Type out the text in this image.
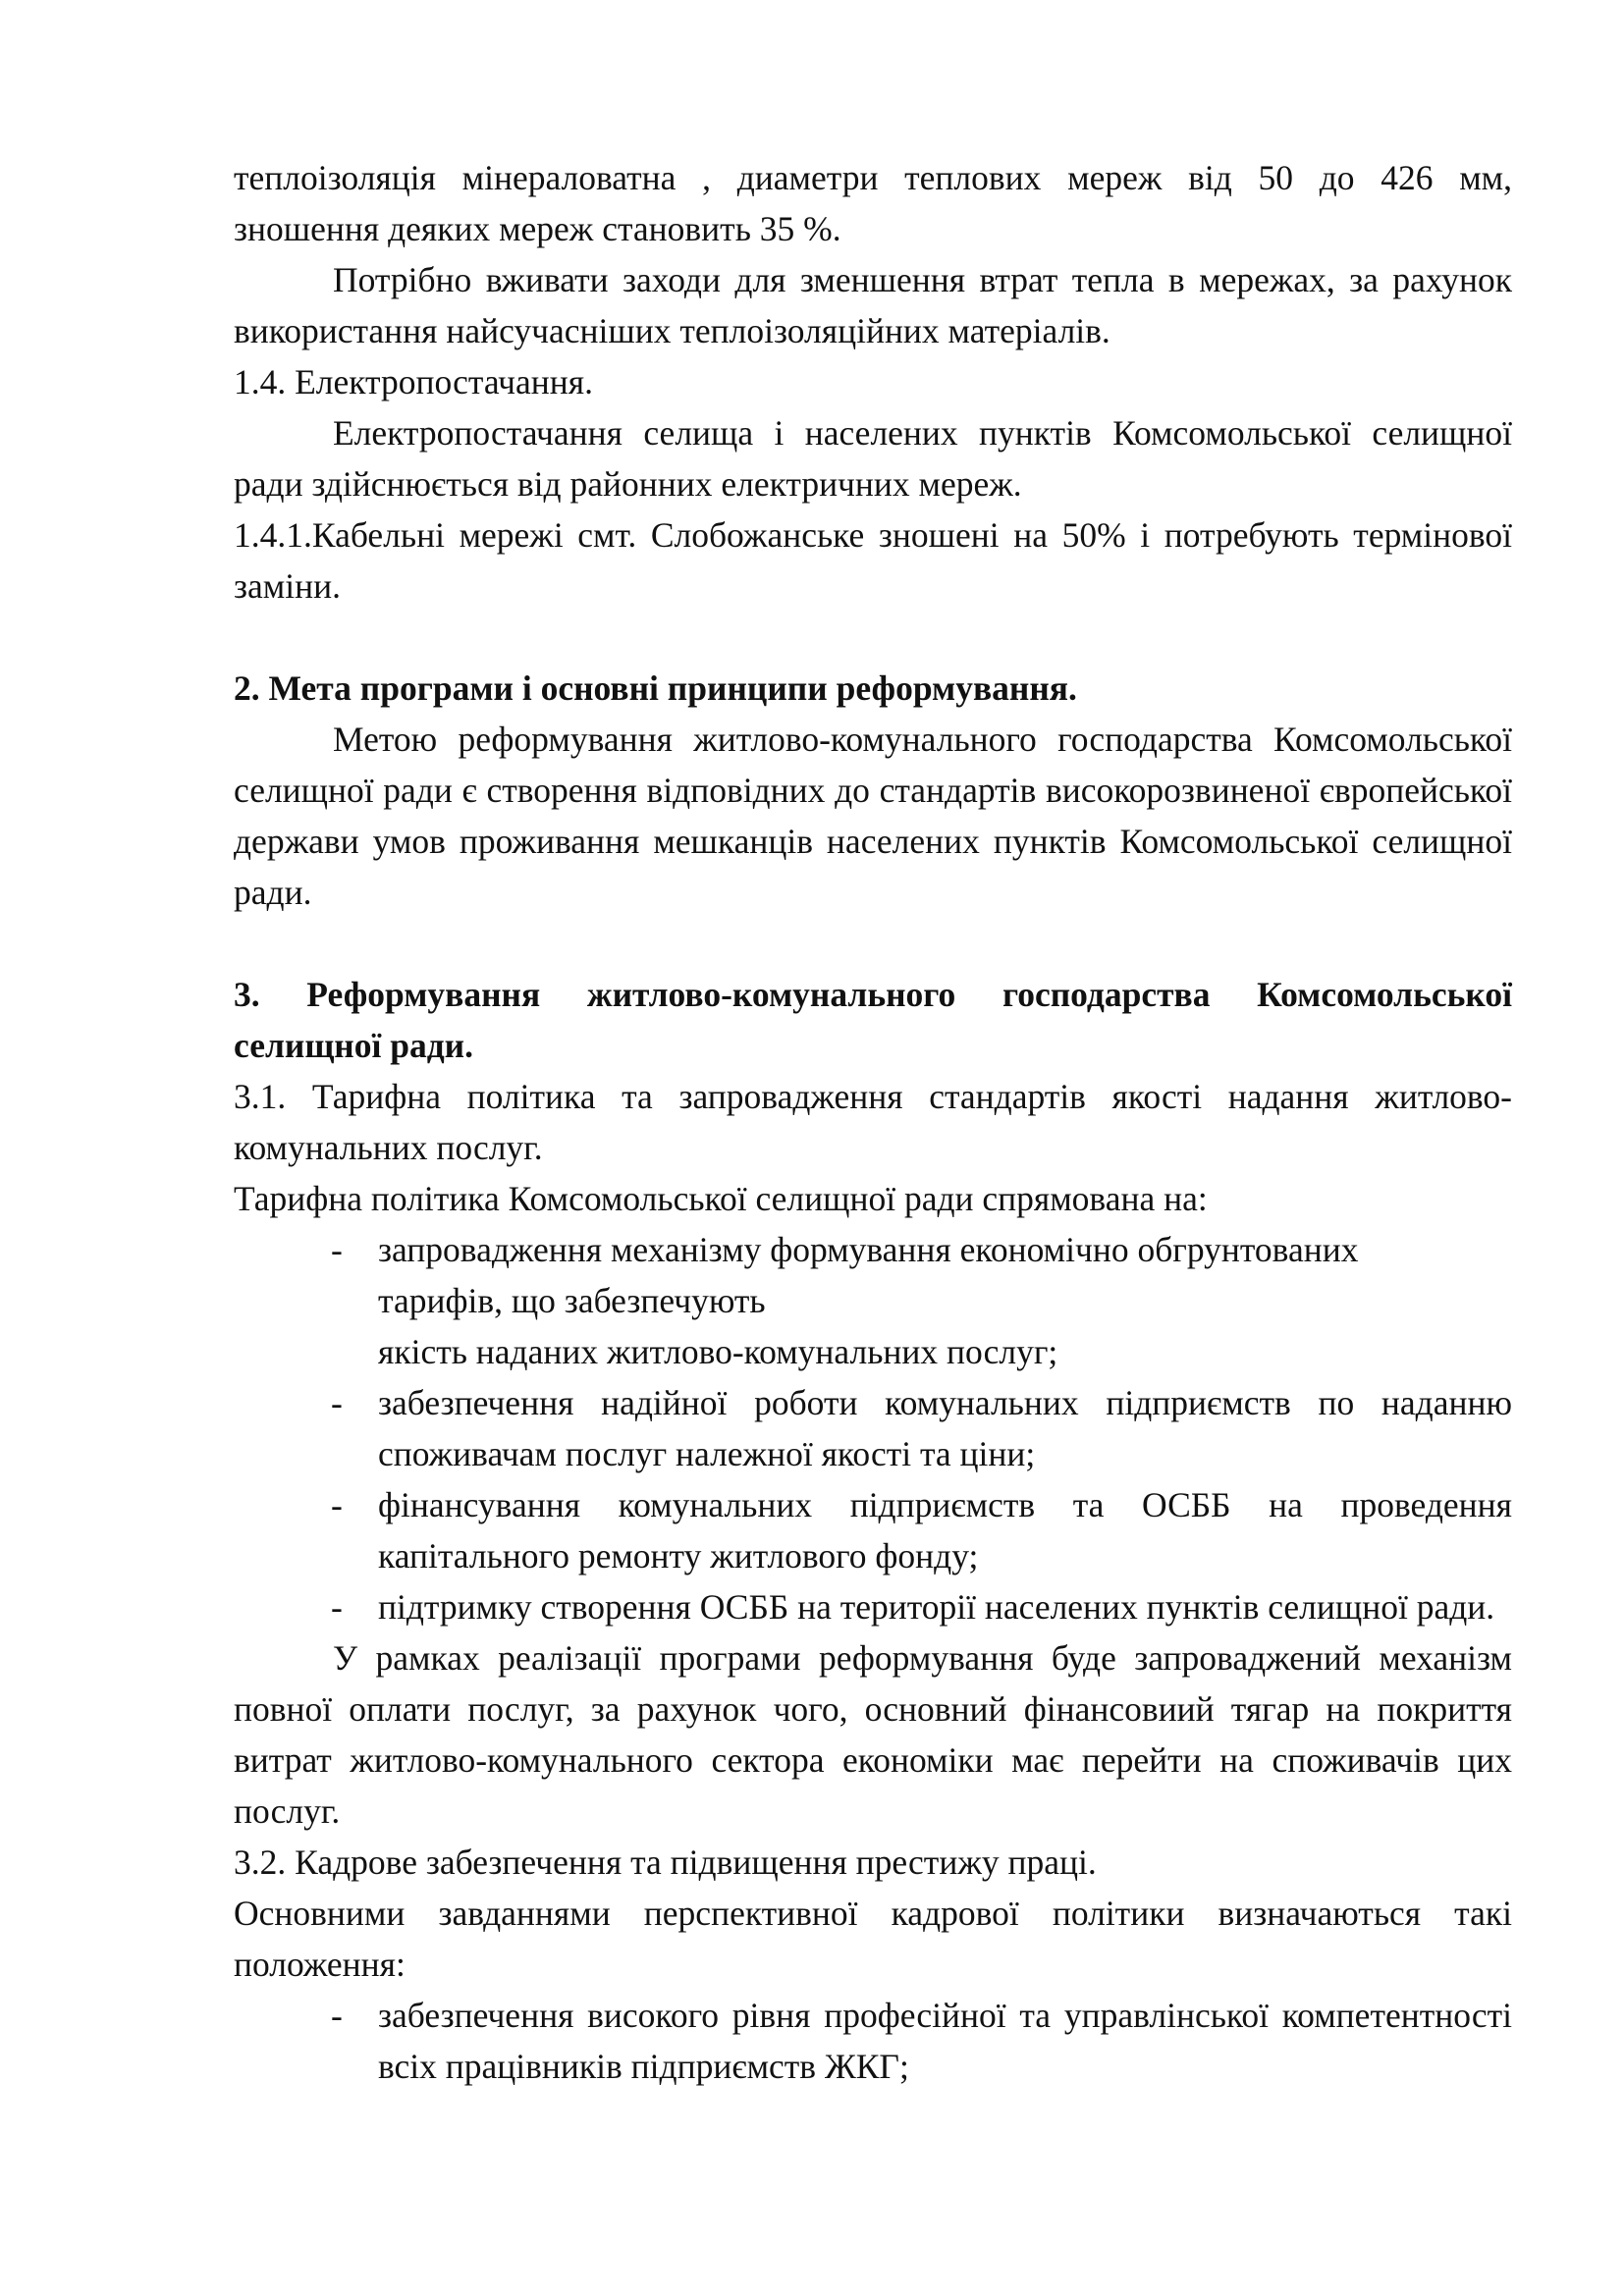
теплоізоляція мінераловатна , диаметри теплових мереж від 50 до 426 мм,
зношення деяких мереж становить 35 %.

Потрібно вживати заходи для зменшення втрат тепла в мережах, за рахунок використання найсучасніших теплоізоляційних матеріалів.

1.4. Електропостачання.

Електропостачання селища і населених пунктів Комсомольської селищної ради здійснюється від районних електричних мереж.

1.4.1.Кабельні мережі смт. Слобожанське зношені на 50% і потребують термінової заміни.

2. Мета програми і основні принципи реформування.

Метою реформування житлово-комунального господарства Комсомольської селищної ради є створення відповідних до стандартів високорозвиненої європейської держави умов проживання мешканців населених пунктів Комсомольської селищної ради.

3. Реформування житлово-комунального господарства Комсомольської селищної ради.

3.1. Тарифна політика та запровадження стандартів якості надання житлово-комунальних послуг.

Тарифна політика Комсомольської селищної ради спрямована на:

-	запровадження механізму формування економічно обгрунтованих
тарифів, що забезпечують
якість наданих житлово-комунальних послуг;
-	забезпечення надійної роботи комунальних підприємств по наданню споживачам послуг належної якості та ціни;
-	фінансування комунальних підприємств та ОСББ на проведення капітального ремонту житлового фонду;
-	підтримку створення ОСББ на території населених пунктів селищної ради.

У рамках реалізації програми реформування буде запроваджений механізм повної оплати послуг, за рахунок чого, основний фінансовиий тягар на покриття витрат житлово-комунального сектора економіки має перейти на споживачів цих послуг.

3.2. Кадрове забезпечення та підвищення престижу праці.

Основними завданнями перспективної кадрової політики визначаються такі положення:

-	забезпечення високого рівня професійної та управлінської компетентності всіх працівників підприємств ЖКГ;
